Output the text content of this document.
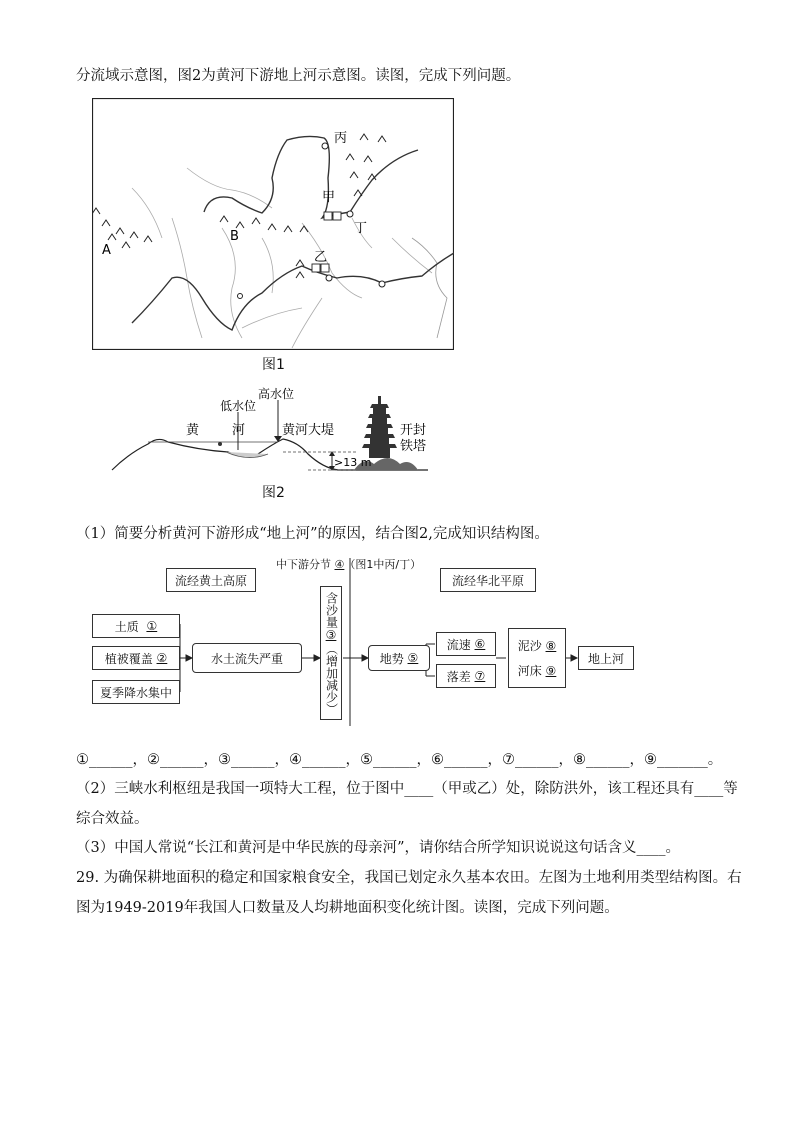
分流域示意图，图2为黄河下游地上河示意图。读图，完成下列问题。
丙
甲
丁
乙
A
B
图1
高水位
低水位
黄	河	黄河大堤	开封
铁塔
>13 m
图2
（1）简要分析黄河下游形成“地上河”的原因，结合图2,完成知识结构图。
中下游分节 ④（图1中丙/丁）
流经黄土高原	流经华北平原
土质
①
植被覆盖
②
夏季降水集中
水土流失严重
含沙量
③
（增加减少）	地势
⑤
流速
⑥
落差
⑦
泥沙 ⑧
河床 ⑨
地上河
①______，②______，③______，④______，⑤______，⑥______，⑦______，⑧______，⑨_______。
（2）三峡水利枢纽是我国一项特大工程，位于图中____（甲或乙）处，除防洪外，该工程还具有____等
综合效益。
（3）中国人常说“长江和黄河是中华民族的母亲河”，请你结合所学知识说说这句话含义____。
29. 为确保耕地面积的稳定和国家粮食安全，我国已划定永久基本农田。左图为土地利用类型结构图。右
图为1949-2019年我国人口数量及人均耕地面积变化统计图。读图，完成下列问题。
